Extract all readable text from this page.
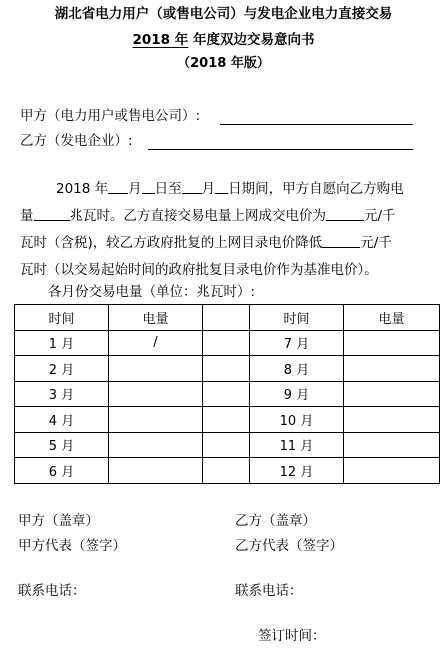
湖北省电力用户（或售电公司）与发电企业电力直接交易
2018 年 年度双边交易意向书
（2018 年版）
甲方（电力用户或售电公司）:
乙方（发电企业）:
2018 年 月 日至 月 日期间，甲方自愿向乙方购电
量	兆瓦时。乙方直接交易电量上网成交电价为	元/千
瓦时（含税)，较乙方政府批复的上网目录电价降低	元/千
瓦时（以交易起始时间的政府批复目录电价作为基准电价）。
各月份交易电量（单位：兆瓦时）:
时间	电量		时间	电量
1 月	/		7 月	
2 月			8 月	
3 月			9 月	
4 月			10 月	
5 月			11 月	
6 月			12 月	
甲方（盖章）
甲方代表（签字）
乙方（盖章）
乙方代表（签字）
联系电话：	联系电话：
签订时间：
